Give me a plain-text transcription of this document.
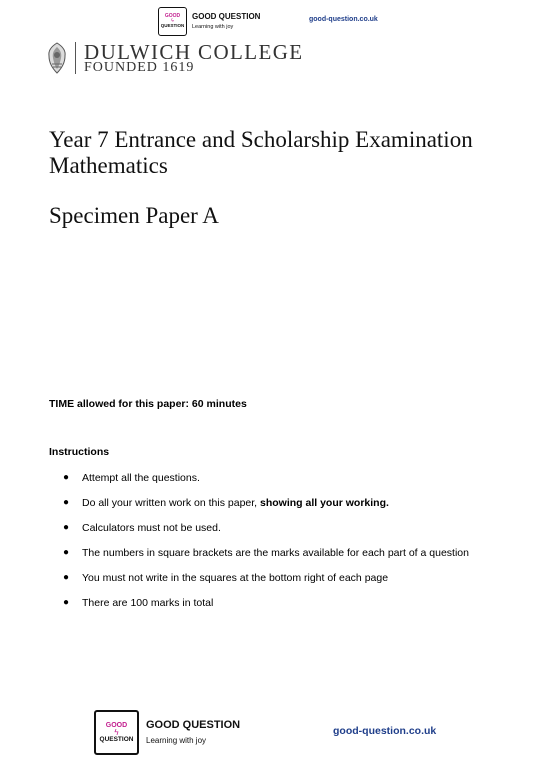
GOOD
ϟ
QUESTION
GOOD QUESTION
Learning with joy
good-question.co.uk
DULWICH COLLEGE
FOUNDED 1619
Year 7 Entrance and Scholarship Examination
Mathematics
Specimen Paper A
TIME allowed for this paper: 60 minutes
Instructions
● Attempt all the questions.
● Do all your written work on this paper, showing all your working.
● Calculators must not be used.
● The numbers in square brackets are the marks available for each part of a question
● You must not write in the squares at the bottom right of each page
● There are 100 marks in total
GOOD
ϟ
QUESTION
GOOD QUESTION
Learning with joy
good-question.co.uk
